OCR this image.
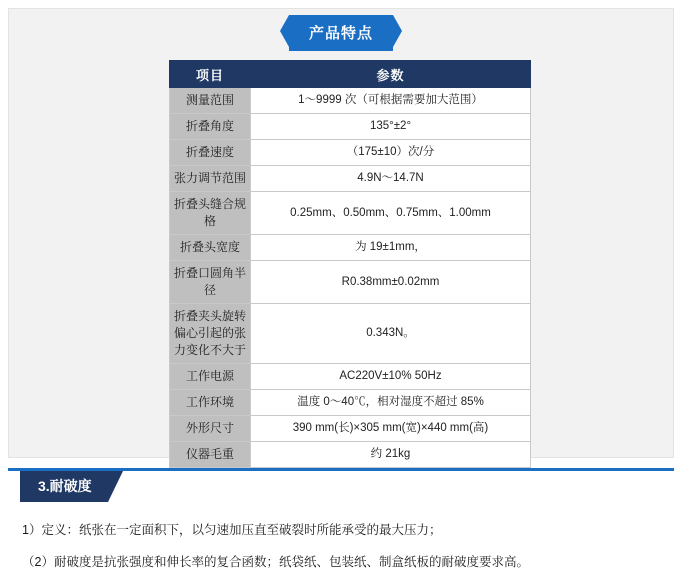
产品特点
项目	参数
测量范围	1～9999 次（可根据需要加大范围）
折叠角度	135°±2°
折叠速度	（175±10）次/分
张力调节范围	4.9N～14.7N
折叠头缝合规格	0.25mm、0.50mm、0.75mm、1.00mm
折叠头宽度	为 19±1mm，
折叠口圆角半径	R0.38mm±0.02mm
折叠夹头旋转偏心引起的张力变化不大于	0.343N。
工作电源	AC220V±10% 50Hz
工作环境	温度 0～40℃，相对湿度不超过 85%
外形尺寸	390 mm(长)×305 mm(宽)×440 mm(高)
仪器毛重	约 21kg
3.耐破度

1）定义：纸张在一定面积下，以匀速加压直至破裂时所能承受的最大压力；

（2）耐破度是抗张强度和伸长率的复合函数；纸袋纸、包装纸、制盒纸板的耐破度要求高。
